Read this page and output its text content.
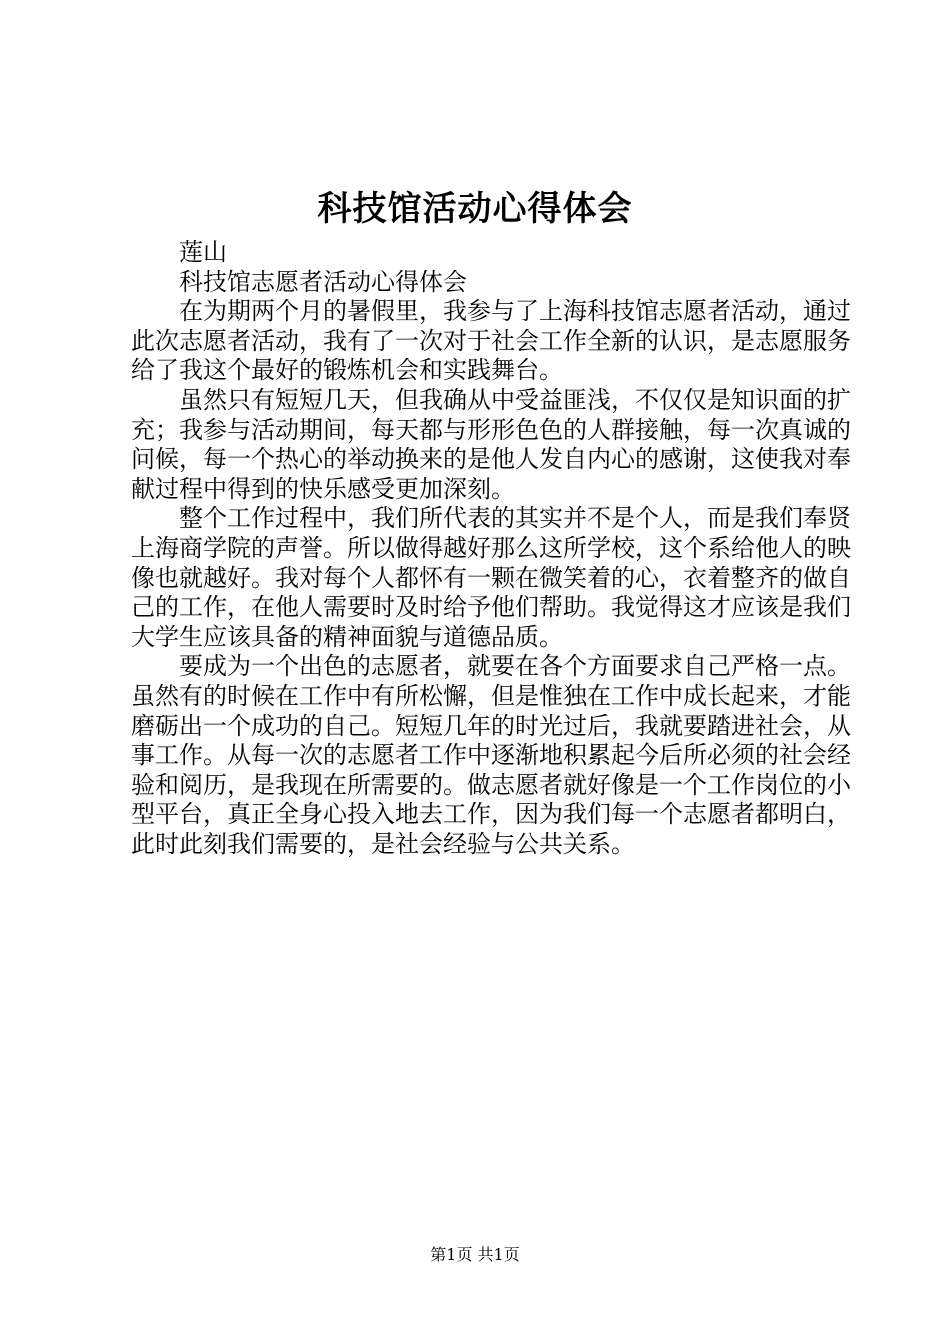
科技馆活动心得体会

莲山

科技馆志愿者活动心得体会

在为期两个月的暑假里，我参与了上海科技馆志愿者活动，通过此次志愿者活动，我有了一次对于社会工作全新的认识，是志愿服务给了我这个最好的锻炼机会和实践舞台。

虽然只有短短几天，但我确从中受益匪浅，不仅仅是知识面的扩充；我参与活动期间，每天都与形形色色的人群接触，每一次真诚的问候，每一个热心的举动换来的是他人发自内心的感谢，这使我对奉献过程中得到的快乐感受更加深刻。

整个工作过程中，我们所代表的其实并不是个人，而是我们奉贤上海商学院的声誉。所以做得越好那么这所学校，这个系给他人的映像也就越好。我对每个人都怀有一颗在微笑着的心，衣着整齐的做自己的工作，在他人需要时及时给予他们帮助。我觉得这才应该是我们大学生应该具备的精神面貌与道德品质。

要成为一个出色的志愿者，就要在各个方面要求自己严格一点。虽然有的时候在工作中有所松懈，但是惟独在工作中成长起来，才能磨砺出一个成功的自己。短短几年的时光过后，我就要踏进社会，从事工作。从每一次的志愿者工作中逐渐地积累起今后所必须的社会经验和阅历，是我现在所需要的。做志愿者就好像是一个工作岗位的小型平台，真正全身心投入地去工作，因为我们每一个志愿者都明白，此时此刻我们需要的，是社会经验与公共关系。

第1页 共1页
